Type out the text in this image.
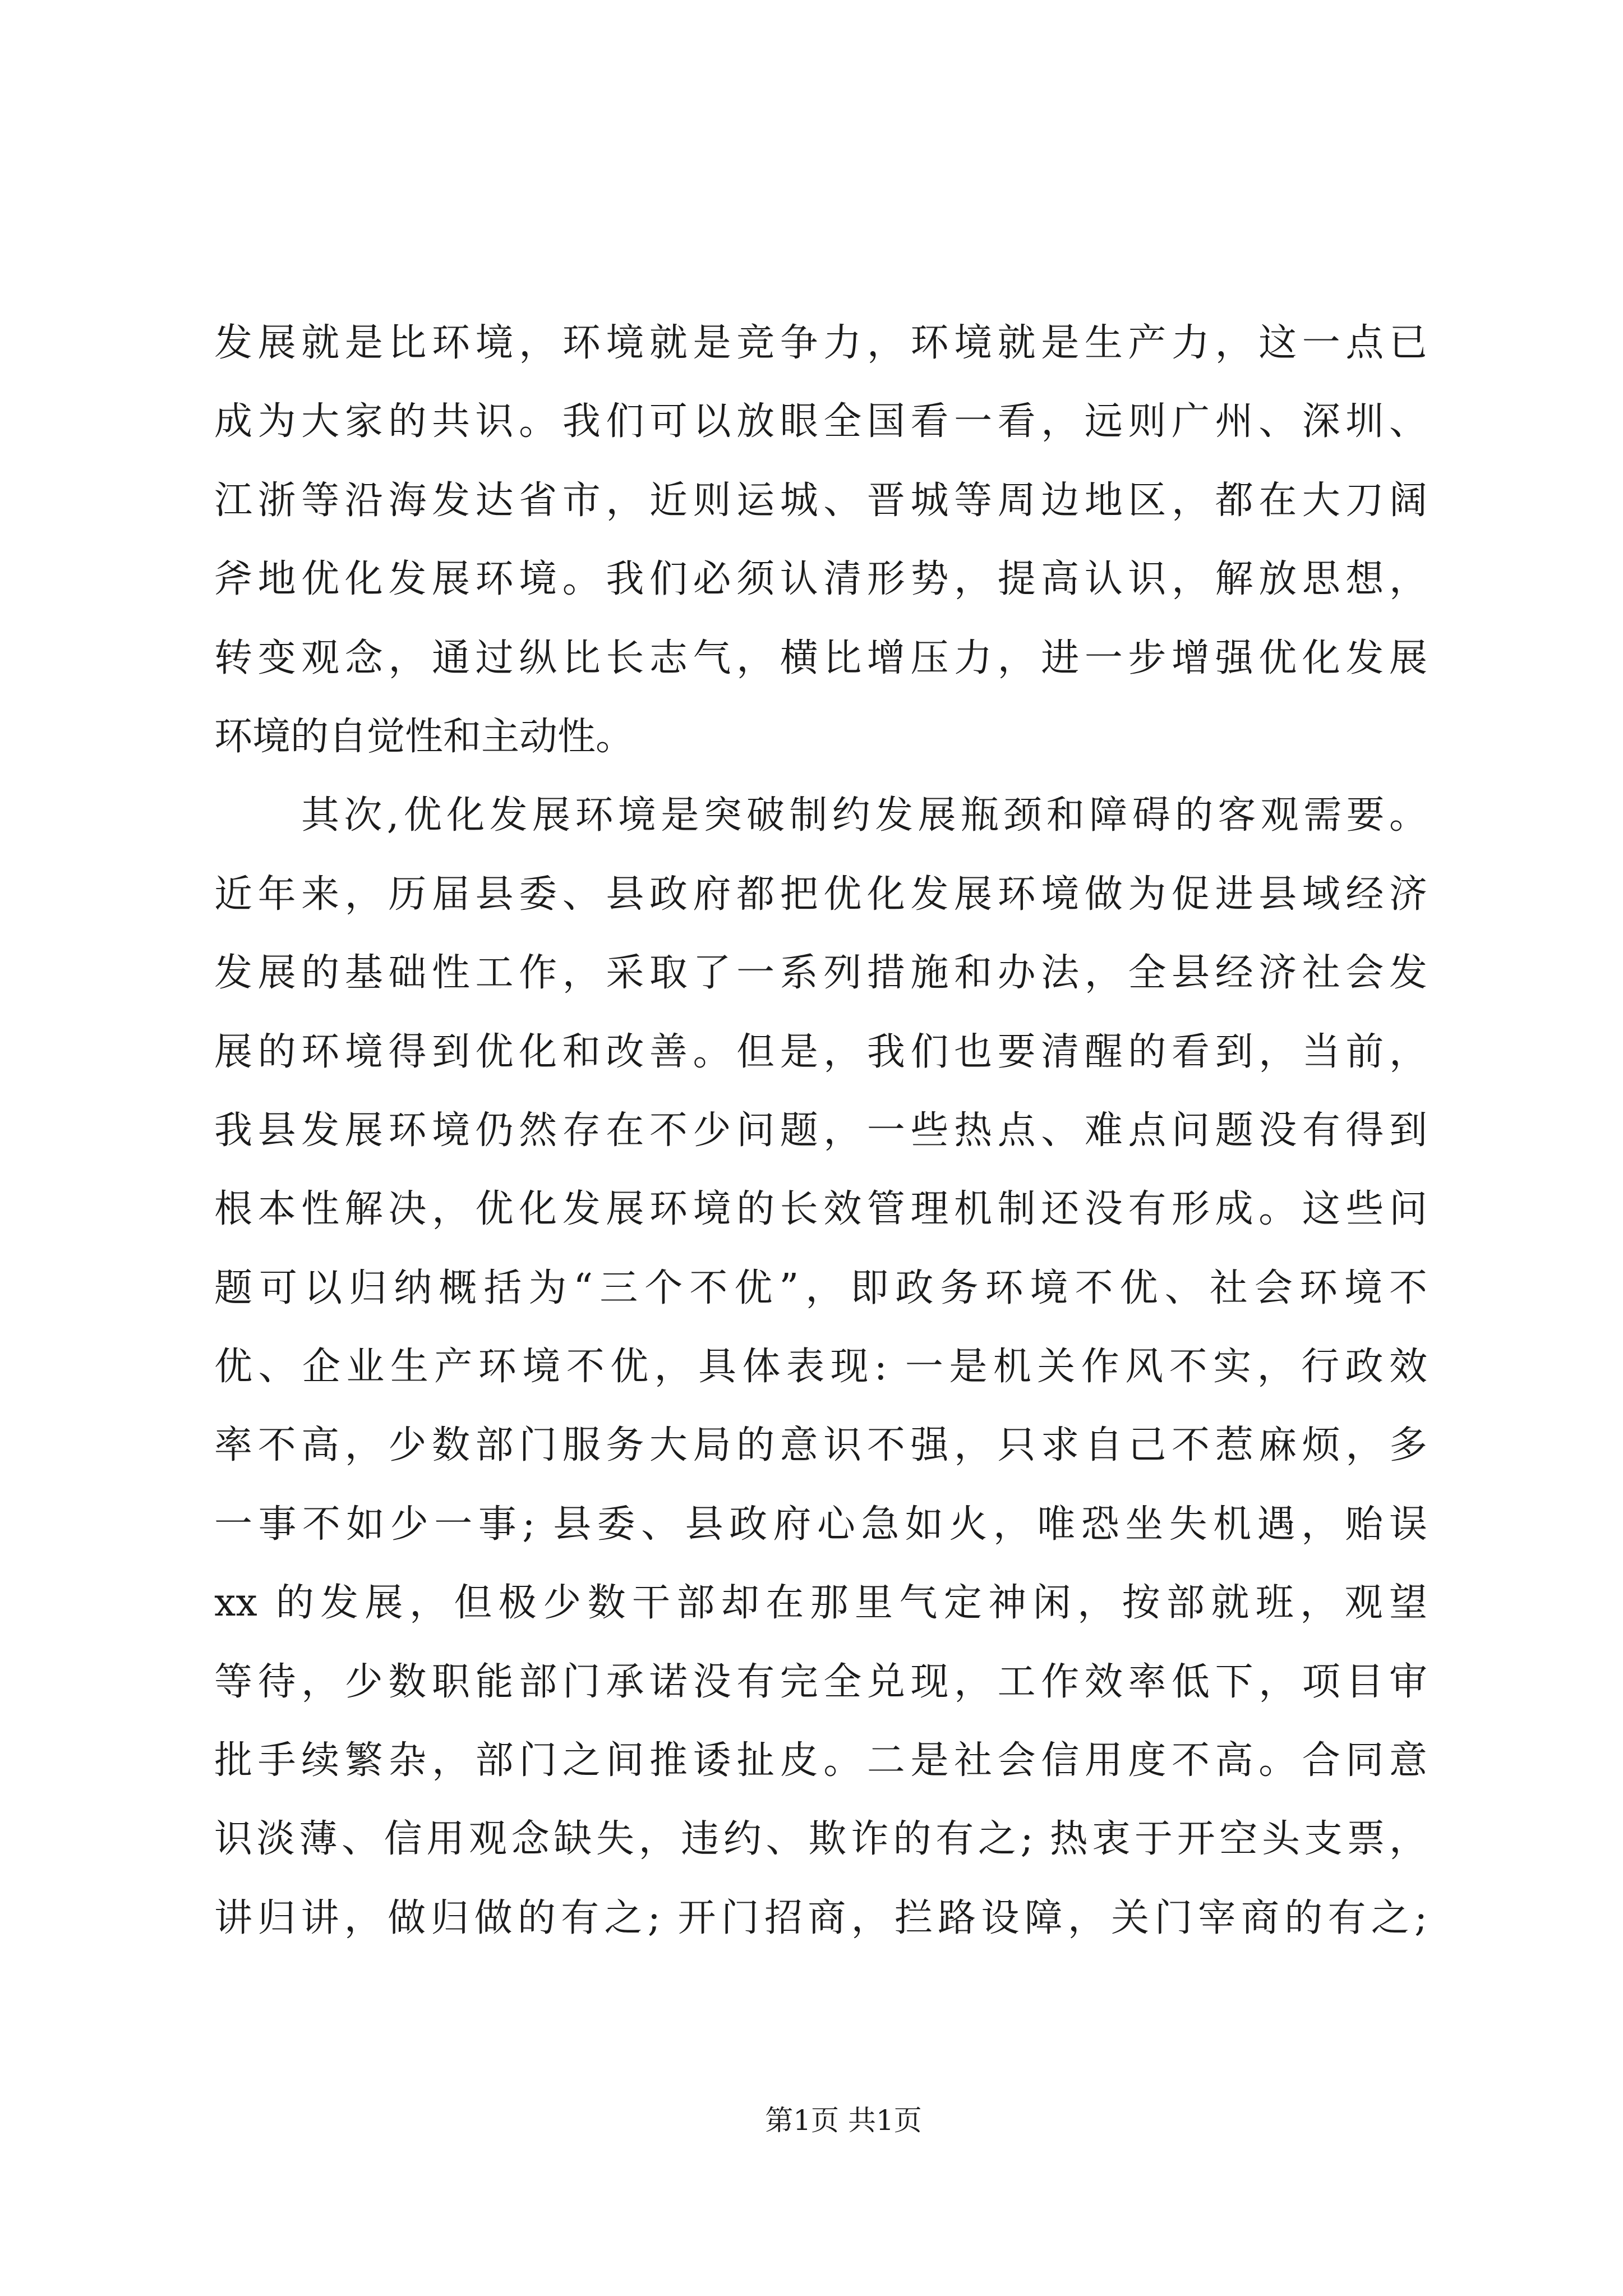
发展就是比环境，环境就是竞争力，环境就是生产力，这一点已
成为大家的共识。我们可以放眼全国看一看，远则广州、深圳、
江浙等沿海发达省市，近则运城、晋城等周边地区，都在大刀阔
斧地优化发展环境。我们必须认清形势，提高认识，解放思想，
转变观念，通过纵比长志气，横比增压力，进一步增强优化发展
环境的自觉性和主动性。
其次,优化发展环境是突破制约发展瓶颈和障碍的客观需要。
近年来，历届县委、县政府都把优化发展环境做为促进县域经济
发展的基础性工作，采取了一系列措施和办法，全县经济社会发
展的环境得到优化和改善。但是，我们也要清醒的看到，当前，
我县发展环境仍然存在不少问题，一些热点、难点问题没有得到
根本性解决，优化发展环境的长效管理机制还没有形成。这些问
题可以归纳概括为“三个不优”，即政务环境不优、社会环境不
优、企业生产环境不优，具体表现: 一是机关作风不实，行政效
率不高，少数部门服务大局的意识不强，只求自己不惹麻烦，多
一事不如少一事; 县委、县政府心急如火，唯恐坐失机遇，贻误
xx 的发展，但极少数干部却在那里气定神闲，按部就班，观望
等待，少数职能部门承诺没有完全兑现，工作效率低下，项目审
批手续繁杂，部门之间推诿扯皮。二是社会信用度不高。合同意
识淡薄、信用观念缺失，违约、欺诈的有之; 热衷于开空头支票，
讲归讲，做归做的有之; 开门招商，拦路设障，关门宰商的有之;
第1页 共1页
